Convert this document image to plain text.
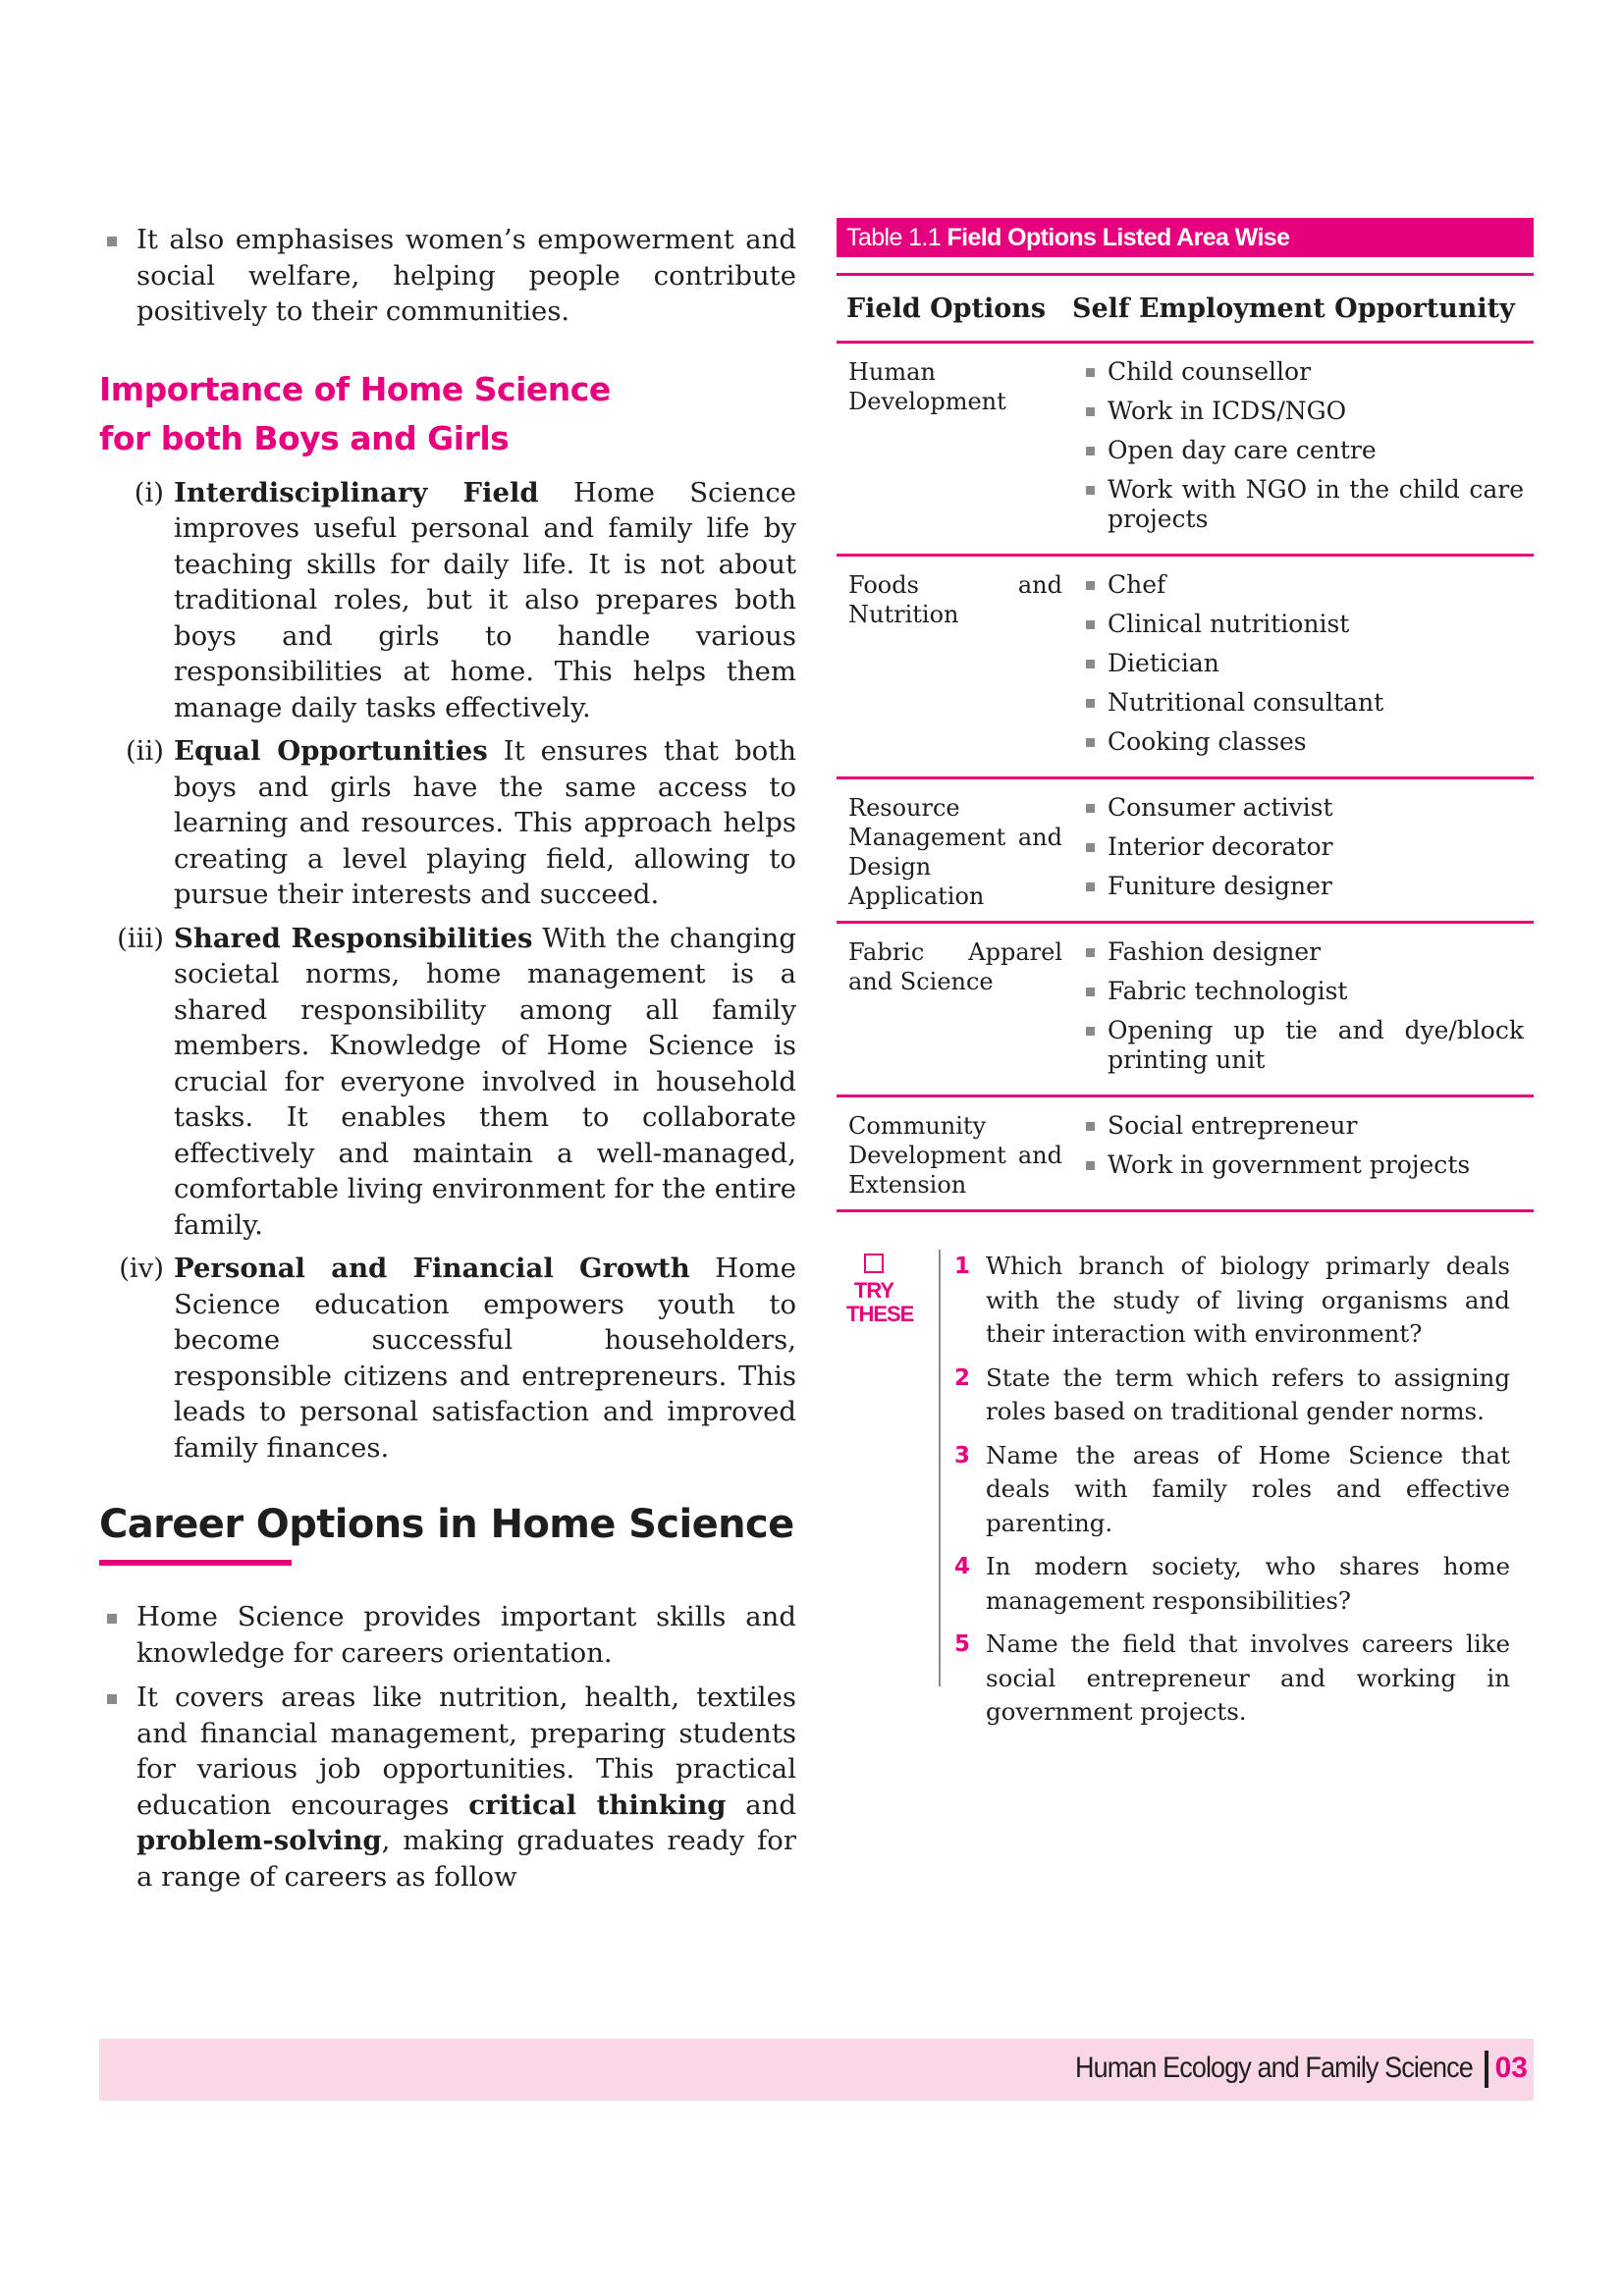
It also emphasises women’s empowerment and social welfare, helping people contribute positively to their communities.
Importance of Home Science
for both Boys and Girls
(i) Interdisciplinary Field Home Science improves useful personal and family life by teaching skills for daily life. It is not about traditional roles, but it also prepares both boys and girls to handle various responsibilities at home. This helps them manage daily tasks effectively.
(ii) Equal Opportunities It ensures that both boys and girls have the same access to learning and resources. This approach helps creating a level playing field, allowing to pursue their interests and succeed.
(iii) Shared Responsibilities With the changing societal norms, home management is a shared responsibility among all family members. Knowledge of Home Science is crucial for everyone involved in household tasks. It enables them to collaborate effectively and maintain a well-managed, comfortable living environment for the entire family.
(iv) Personal and Financial Growth Home Science education empowers youth to become successful householders, responsible citizens and entrepreneurs. This leads to personal satisfaction and improved family finances.
Career Options in Home Science
Home Science provides important skills and knowledge for careers orientation.
It covers areas like nutrition, health, textiles and financial management, preparing students for various job opportunities. This practical education encourages critical thinking and problem-solving, making graduates ready for a range of careers as follow
Table 1.1 Field Options Listed Area Wise
Field Options Self Employment Opportunity
Human Development
Child counsellor
Work in ICDS/NGO
Open day care centre
Work with NGO in the child care projects
Foods and Nutrition
Chef
Clinical nutritionist
Dietician
Nutritional consultant
Cooking classes
Resource Management and Design Application
Consumer activist
Interior decorator
Funiture designer
Fabric Apparel and Science
Fashion designer
Fabric technologist
Opening up tie and dye/block printing unit
Community Development and Extension
Social entrepreneur
Work in government projects
TRY
THESE
1 Which branch of biology primarly deals with the study of living organisms and their interaction with environment?
2 State the term which refers to assigning roles based on traditional gender norms.
3 Name the areas of Home Science that deals with family roles and effective parenting.
4 In modern society, who shares home management responsibilities?
5 Name the field that involves careers like social entrepreneur and working in government projects.
Human Ecology and Family Science 03
